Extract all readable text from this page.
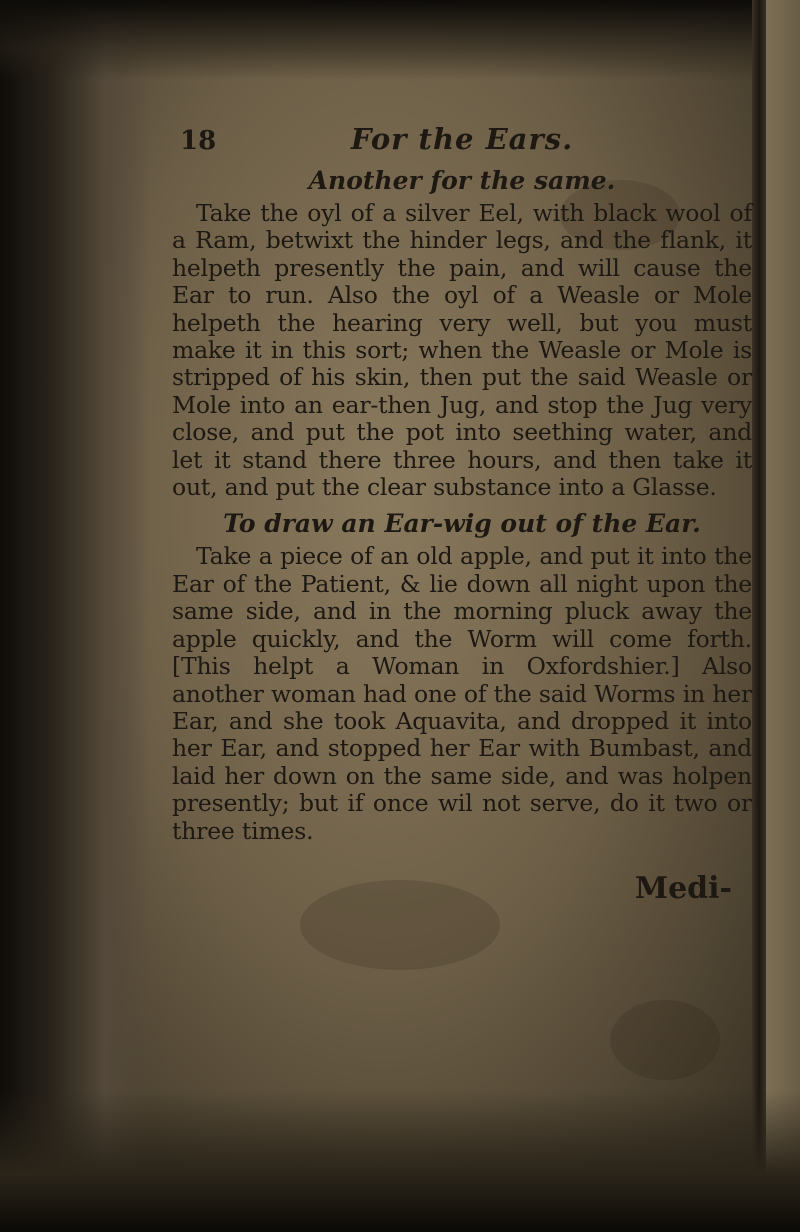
18	For the Ears.
Another for the same.

Take the oyl of a silver Eel, with black wool of a Ram, betwixt the hinder legs, and the flank, it helpeth presently the pain, and will cause the Ear to run. Also the oyl of a Weasle or Mole helpeth the hearing very well, but you must make it in this sort; when the Weasle or Mole is stripped of his skin, then put the said Weasle or Mole into an ear-then Jug, and stop the Jug very close, and put the pot into seething water, and let it stand there three hours, and then take it out, and put the clear substance into a Glasse.

To draw an Ear-wig out of the Ear.

Take a piece of an old apple, and put it into the Ear of the Patient, & lie down all night upon the same side, and in the morning pluck away the apple quickly, and the Worm will come forth. [This helpt a Woman in Oxfordshier.] Also another woman had one of the said Worms in her Ear, and she took Aquavita, and dropped it into her Ear, and stopped her Ear with Bumbast, and laid her down on the same side, and was holpen presently; but if once wil not serve, do it two or three times.

Medi-
